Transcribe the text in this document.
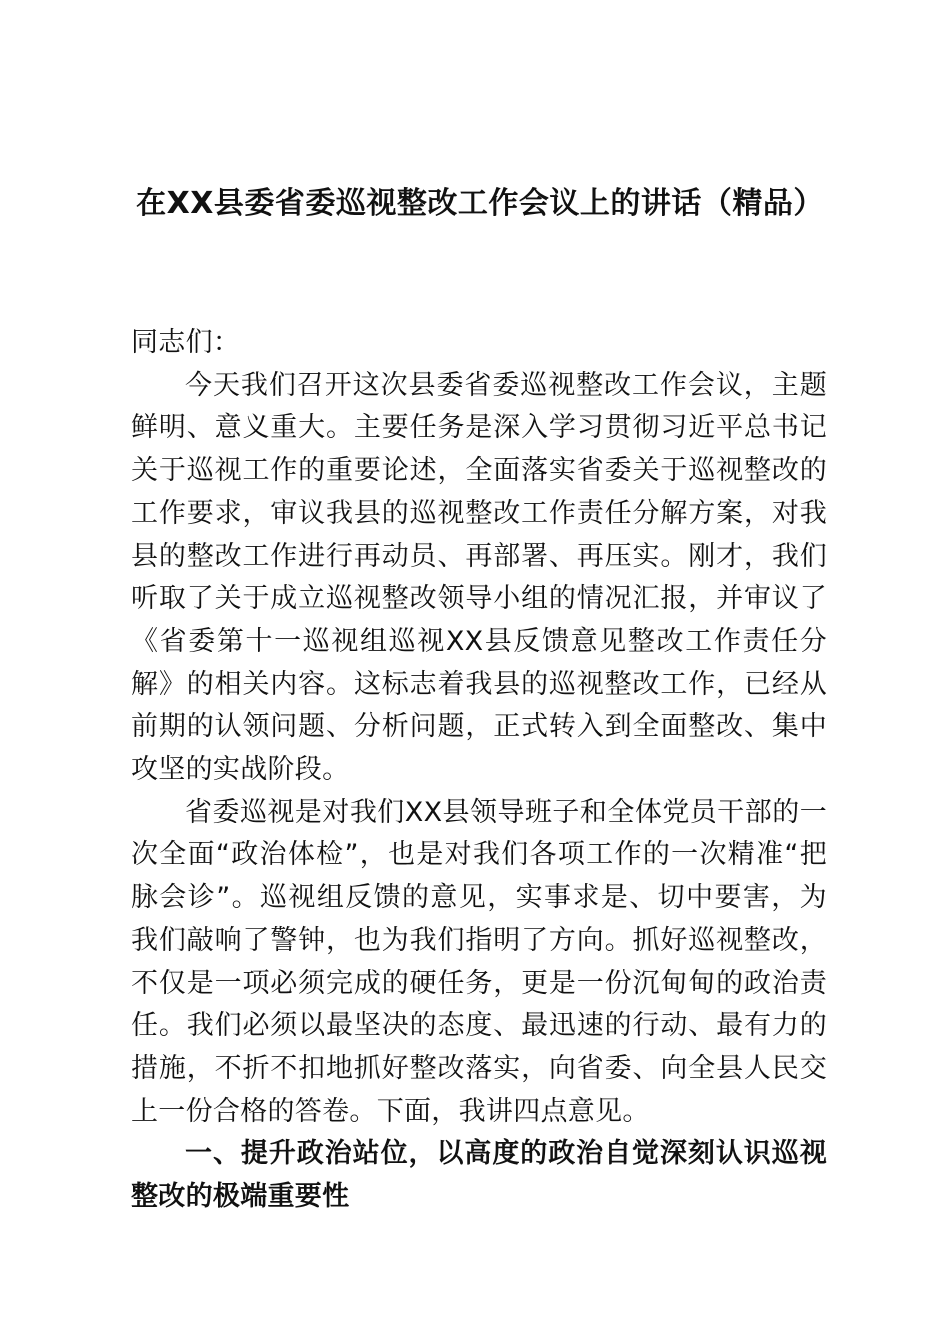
在XX县委省委巡视整改工作会议上的讲话（精品）

同志们：

今天我们召开这次县委省委巡视整改工作会议，主题鲜明、意义重大。主要任务是深入学习贯彻习近平总书记关于巡视工作的重要论述，全面落实省委关于巡视整改的工作要求，审议我县的巡视整改工作责任分解方案，对我县的整改工作进行再动员、再部署、再压实。刚才，我们听取了关于成立巡视整改领导小组的情况汇报，并审议了《省委第十一巡视组巡视XX县反馈意见整改工作责任分解》的相关内容。这标志着我县的巡视整改工作，已经从前期的认领问题、分析问题，正式转入到全面整改、集中攻坚的实战阶段。

省委巡视是对我们XX县领导班子和全体党员干部的一次全面“政治体检”，也是对我们各项工作的一次精准“把脉会诊”。巡视组反馈的意见，实事求是、切中要害，为我们敲响了警钟，也为我们指明了方向。抓好巡视整改，不仅是一项必须完成的硬任务，更是一份沉甸甸的政治责任。我们必须以最坚决的态度、最迅速的行动、最有力的措施，不折不扣地抓好整改落实，向省委、向全县人民交上一份合格的答卷。下面，我讲四点意见。

一、提升政治站位，以高度的政治自觉深刻认识巡视整改的极端重要性
